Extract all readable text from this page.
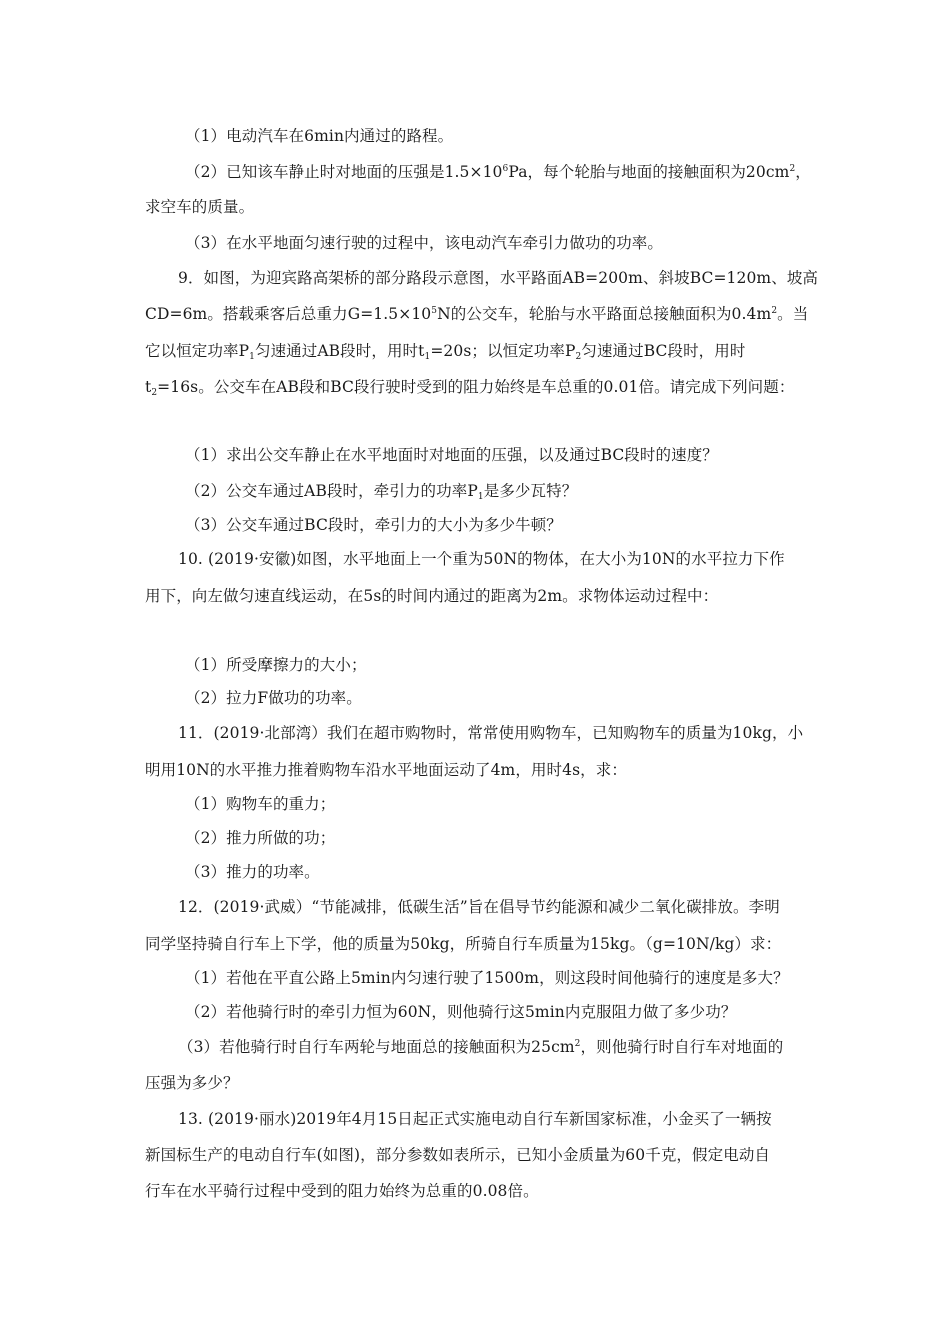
（1）电动汽车在6min内通过的路程。
（2）已知该车静止时对地面的压强是$1.5\times 10^6Pa$，每个轮胎与地面的接触面积为$20cm^2$，
求空车的质量。
（3）在水平地面匀速行驶的过程中，该电动汽车牵引力做功的功率。
9．如图，为迎宾路高架桥的部分路段示意图，水平路面AB=200m、斜坡BC=120m、坡高
CD=6m。搭载乘客后总重力$G=1.5\times 10^5N$的公交车，轮胎与水平路面总接触面积为$0.4m^2$。当
它以恒定功率$P_1$匀速通过AB段时，用时$t_1=20s$；以恒定功率$P_2$匀速通过BC段时，用时
$t_2=16s$。公交车在AB段和BC段行驶时受到的阻力始终是车总重的0.01倍。请完成下列问题：
（1）求出公交车静止在水平地面时对地面的压强，以及通过BC段时的速度？
（2）公交车通过AB段时，牵引力的功率$P_1$是多少瓦特？
（3）公交车通过BC段时，牵引力的大小为多少牛顿？
10. (2019·安徽)如图，水平地面上一个重为50N的物体，在大小为10N的水平拉力下作
用下，向左做匀速直线运动，在5s的时间内通过的距离为2m。求物体运动过程中：
（1）所受摩擦力的大小；
（2）拉力F做功的功率。
11．(2019·北部湾）我们在超市购物时，常常使用购物车，已知购物车的质量为10kg，小
明用10N的水平推力推着购物车沿水平地面运动了4m，用时4s，求：
（1）购物车的重力；
（2）推力所做的功；
（3）推力的功率。
12．(2019·武威）“节能减排，低碳生活”旨在倡导节约能源和减少二氧化碳排放。李明
同学坚持骑自行车上下学，他的质量为50kg，所骑自行车质量为15kg。（g=10N/kg）求：
（1）若他在平直公路上5min内匀速行驶了1500m，则这段时间他骑行的速度是多大？
（2）若他骑行时的牵引力恒为60N，则他骑行这5min内克服阻力做了多少功？
（3）若他骑行时自行车两轮与地面总的接触面积为$25cm^2$，则他骑行时自行车对地面的
压强为多少？
13. (2019·丽水)2019年4月15日起正式实施电动自行车新国家标准，小金买了一辆按
新国标生产的电动自行车(如图)，部分参数如表所示，已知小金质量为60千克，假定电动自
行车在水平骑行过程中受到的阻力始终为总重的0.08倍。
